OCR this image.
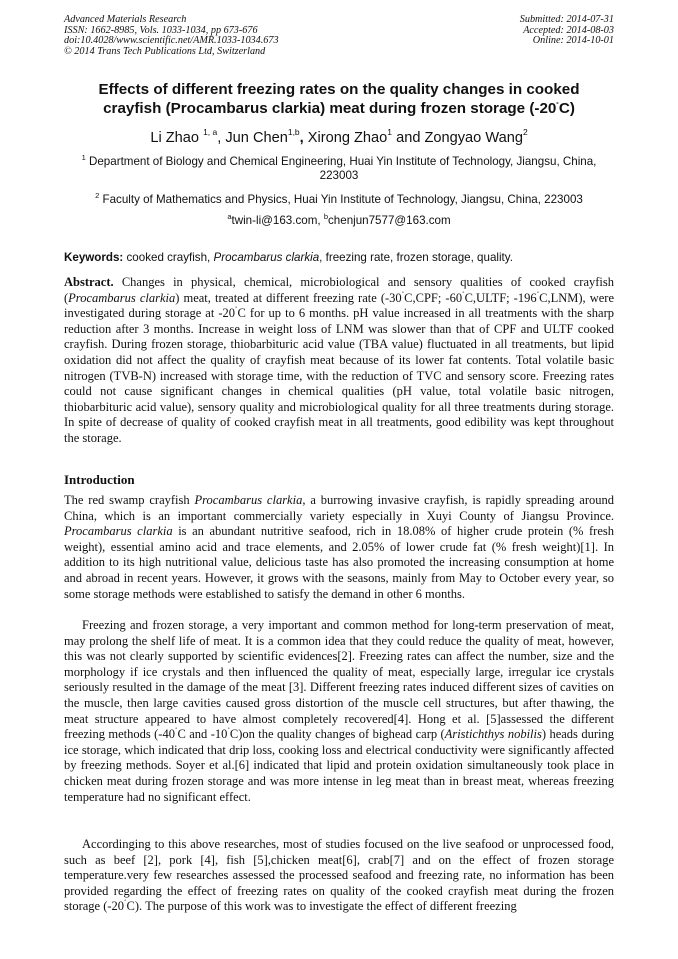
Advanced Materials Research
ISSN: 1662-8985, Vols. 1033-1034, pp 673-676
doi:10.4028/www.scientific.net/AMR.1033-1034.673
© 2014 Trans Tech Publications Ltd, Switzerland
Submitted: 2014-07-31
Accepted: 2014-08-03
Online: 2014-10-01
Effects of different freezing rates on the quality changes in cooked
crayfish (Procambarus clarkia) meat during frozen storage (-20˚C)
Li Zhao $^{1, a}$, Jun Chen$^{1,b}$, Xirong Zhao$^1$ and Zongyao Wang$^2$
$^1$ Department of Biology and Chemical Engineering, Huai Yin Institute of Technology, Jiangsu, China,
223003
$^2$ Faculty of Mathematics and Physics, Huai Yin Institute of Technology, Jiangsu, China, 223003
$^a$twin-li@163.com, $^b$chenjun7577@163.com
Keywords: cooked crayfish, Procambarus clarkia, freezing rate, frozen storage, quality.
Abstract. Changes in physical, chemical, microbiological and sensory qualities of cooked crayfish (Procambarus clarkia) meat, treated at different freezing rate (-30˚C,CPF; -60˚C,ULTF; -196˚C,LNM), were investigated during storage at -20˚C for up to 6 months. pH value increased in all treatments with the sharp reduction after 3 months. Increase in weight loss of LNM was slower than that of CPF and ULTF cooked crayfish. During frozen storage, thiobarbituric acid value (TBA value) fluctuated in all treatments, but lipid oxidation did not affect the quality of crayfish meat because of its lower fat contents. Total volatile basic nitrogen (TVB-N) increased with storage time, with the reduction of TVC and sensory score. Freezing rates could not cause significant changes in chemical qualities (pH value, total volatile basic nitrogen, thiobarbituric acid value), sensory quality and microbiological quality for all three treatments during storage. In spite of decrease of quality of cooked crayfish meat in all treatments, good edibility was kept throughout the storage.
Introduction
The red swamp crayfish Procambarus clarkia, a burrowing invasive crayfish, is rapidly spreading around China, which is an important commercially variety especially in Xuyi County of Jiangsu Province. Procambarus clarkia is an abundant nutritive seafood, rich in 18.08% of higher crude protein (% fresh weight), essential amino acid and trace elements, and 2.05% of lower crude fat (% fresh weight)[1]. In addition to its high nutritional value, delicious taste has also promoted the increasing consumption at home and abroad in recent years. However, it grows with the seasons, mainly from May to October every year, so some storage methods were established to satisfy the demand in other 6 months.
Freezing and frozen storage, a very important and common method for long-term preservation of meat, may prolong the shelf life of meat. It is a common idea that they could reduce the quality of meat, however, this was not clearly supported by scientific evidences[2]. Freezing rates can affect the number, size and the morphology if ice crystals and then influenced the quality of meat, especially large, irregular ice crystals seriously resulted in the damage of the meat [3]. Different freezing rates induced different sizes of cavities on the muscle, then large cavities caused gross distortion of the muscle cell structures, but after thawing, the meat structure appeared to have almost completely recovered[4]. Hong et al. [5]assessed the different freezing methods (-40˚C and -10˚C)on the quality changes of bighead carp (Aristichthys nobilis) heads during ice storage, which indicated that drip loss, cooking loss and electrical conductivity were significantly affected by freezing methods. Soyer et al.[6] indicated that lipid and protein oxidation simultaneously took place in chicken meat during frozen storage and was more intense in leg meat than in breast meat, whereas freezing temperature had no significant effect.
Accordinging to this above researches, most of studies focused on the live seafood or unprocessed food, such as beef [2], pork [4], fish [5],chicken meat[6], crab[7] and on the effect of frozen storage temperature.very few researches assessed the processed seafood and freezing rate, no information has been provided regarding the effect of freezing rates on quality of the cooked crayfish meat during the frozen storage (-20˚C). The purpose of this work was to investigate the effect of different freezing
